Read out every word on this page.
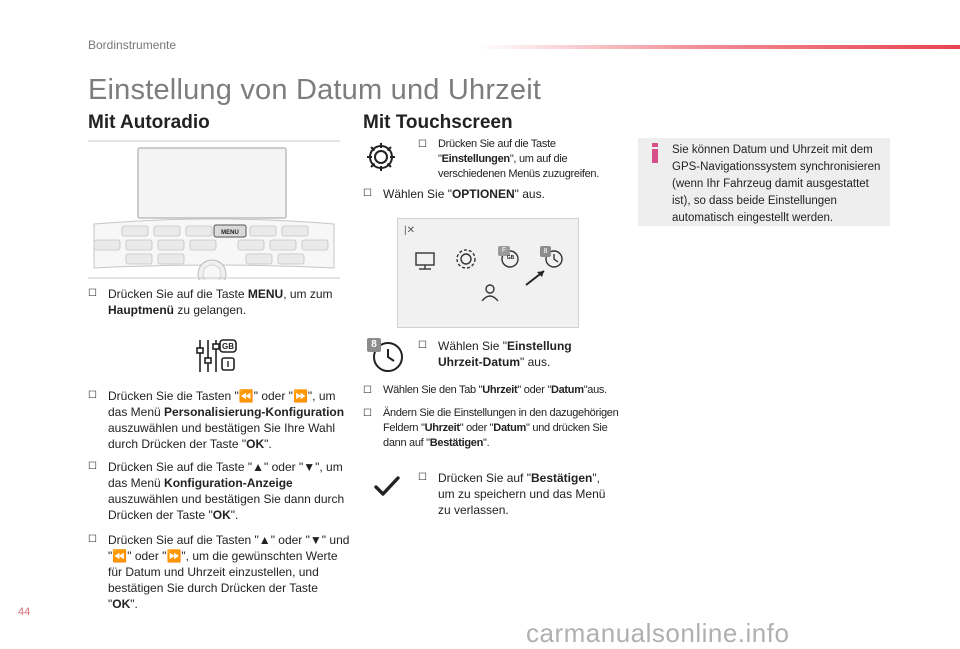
Bordinstrumente
Einstellung von Datum und Uhrzeit
Mit Autoradio	Mit Touchscreen
MENU
☐ Drücken Sie auf die Taste MENU, um zum Hauptmenü zu gelangen.
GB
☐ Drücken Sie die Tasten "⏪" oder "⏩", um das Menü Personalisierung-Konfiguration auszuwählen und bestätigen Sie Ihre Wahl durch Drücken der Taste "OK".
☐ Drücken Sie auf die Taste "▲" oder "▼", um das Menü Konfiguration-Anzeige auszuwählen und bestätigen Sie dann durch Drücken der Taste "OK".
☐ Drücken Sie auf die Tasten "▲" oder "▼" und "⏪" oder "⏩", um die gewünschten Werte für Datum und Uhrzeit einzustellen, und bestätigen Sie durch Drücken der Taste "OK".
☐ Drücken Sie auf die Taste "Einstellungen", um auf die verschiedenen Menüs zuzugreifen.
☐ Wählen Sie "OPTIONEN" aus.
|✕
F
GB
8
8	☐ Wählen Sie "Einstellung Uhrzeit-Datum" aus.
☐ Wählen Sie den Tab "Uhrzeit" oder "Datum"aus.
☐ Ändern Sie die Einstellungen in den dazugehörigen Feldern "Uhrzeit" oder "Datum" und drücken Sie dann auf "Bestätigen".
☐ Drücken Sie auf "Bestätigen", um zu speichern und das Menü zu verlassen.
Sie können Datum und Uhrzeit mit dem GPS-Navigationssystem synchronisieren (wenn Ihr Fahrzeug damit ausgestattet ist), so dass beide Einstellungen automatisch eingestellt werden.
44
carmanualsonline.info
